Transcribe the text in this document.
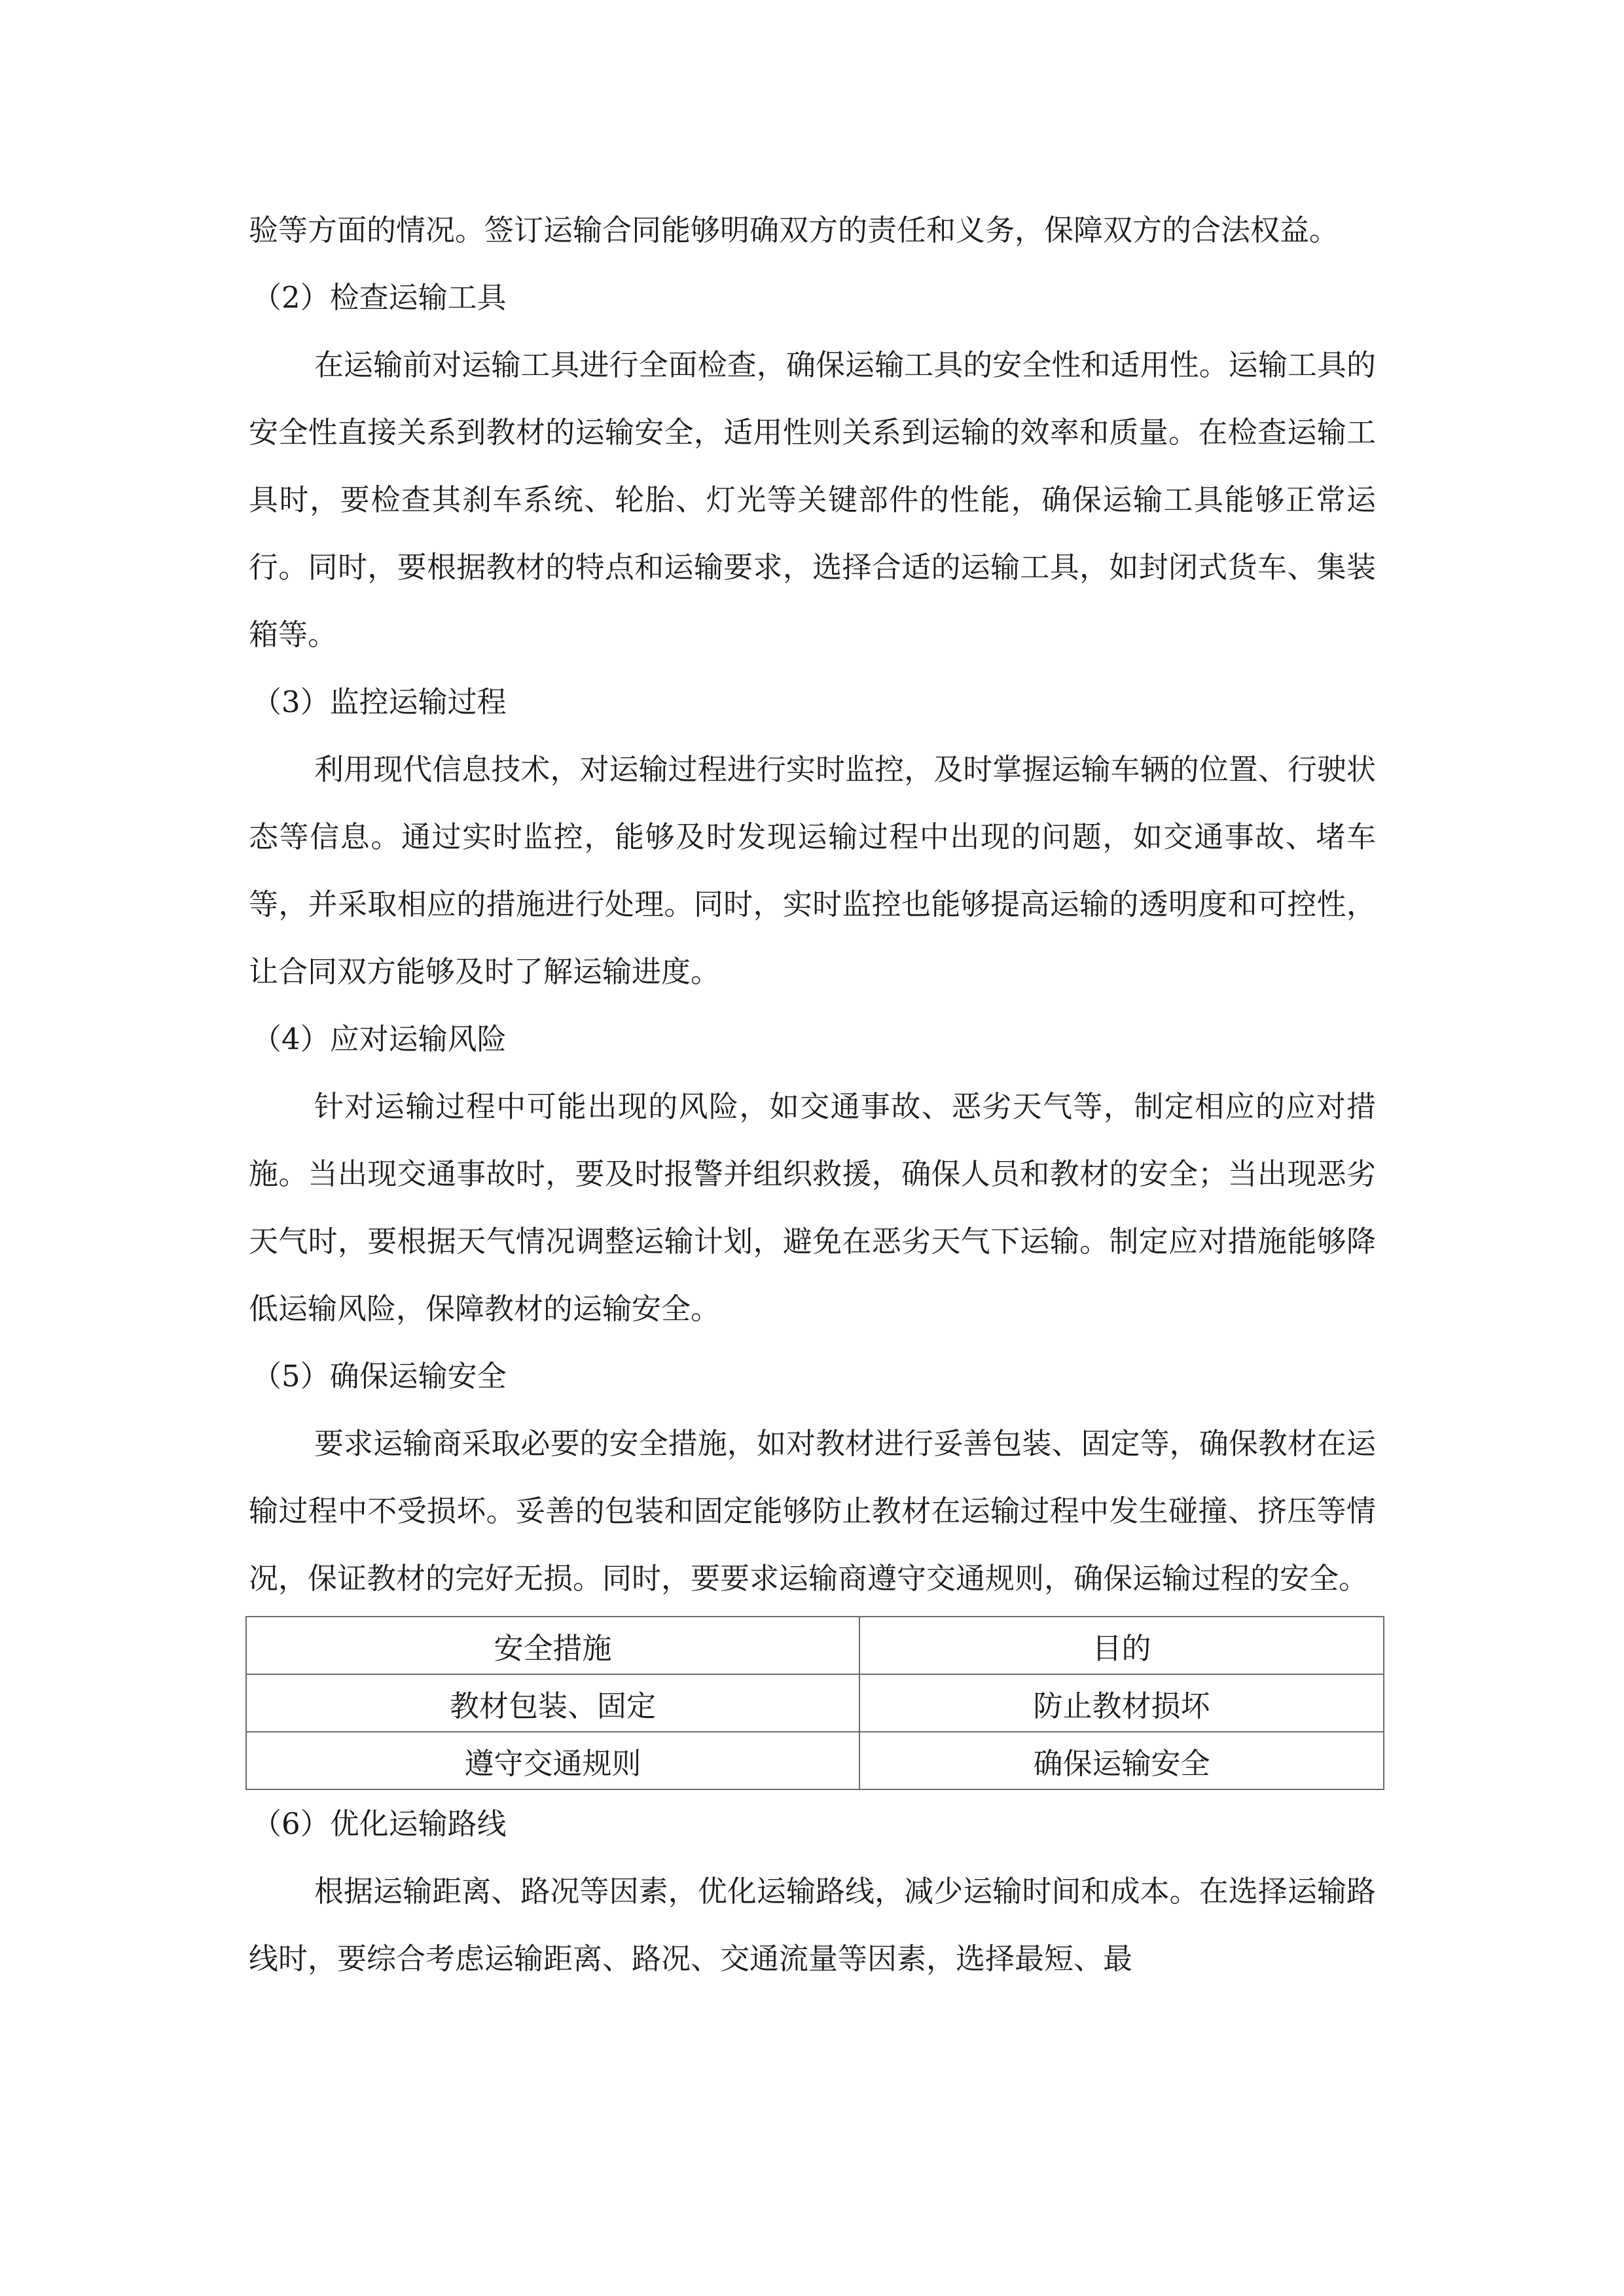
验等方面的情况。签订运输合同能够明确双方的责任和义务，保障双方的合法权益。

（2）检查运输工具

在运输前对运输工具进行全面检查，确保运输工具的安全性和适用性。运输工具的安全性直接关系到教材的运输安全，适用性则关系到运输的效率和质量。在检查运输工具时，要检查其刹车系统、轮胎、灯光等关键部件的性能，确保运输工具能够正常运行。同时，要根据教材的特点和运输要求，选择合适的运输工具，如封闭式货车、集装箱等。

（3）监控运输过程

利用现代信息技术，对运输过程进行实时监控，及时掌握运输车辆的位置、行驶状态等信息。通过实时监控，能够及时发现运输过程中出现的问题，如交通事故、堵车等，并采取相应的措施进行处理。同时，实时监控也能够提高运输的透明度和可控性，让合同双方能够及时了解运输进度。

（4）应对运输风险

针对运输过程中可能出现的风险，如交通事故、恶劣天气等，制定相应的应对措施。当出现交通事故时，要及时报警并组织救援，确保人员和教材的安全；当出现恶劣天气时，要根据天气情况调整运输计划，避免在恶劣天气下运输。制定应对措施能够降低运输风险，保障教材的运输安全。

（5）确保运输安全

要求运输商采取必要的安全措施，如对教材进行妥善包装、固定等，确保教材在运输过程中不受损坏。妥善的包装和固定能够防止教材在运输过程中发生碰撞、挤压等情况，保证教材的完好无损。同时，要要求运输商遵守交通规则，确保运输过程的安全。

安全措施	目的
教材包装、固定	防止教材损坏
遵守交通规则	确保运输安全

（6）优化运输路线

根据运输距离、路况等因素，优化运输路线，减少运输时间和成本。在选择运输路线时，要综合考虑运输距离、路况、交通流量等因素，选择最短、最
